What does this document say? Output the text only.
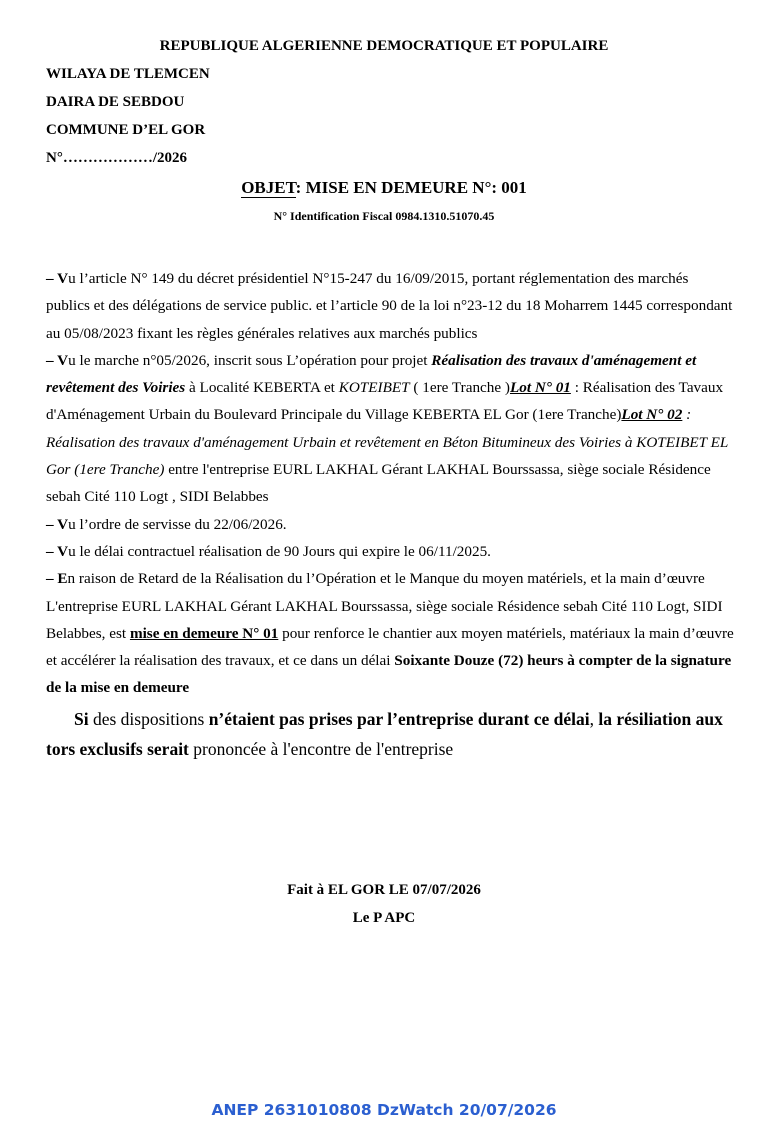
REPUBLIQUE ALGERIENNE DEMOCRATIQUE ET POPULAIRE
WILAYA DE TLEMCEN
DAIRA DE SEBDOU
COMMUNE D’EL GOR
N°………………/2026
OBJET: MISE EN DEMEURE N°: 001
N° Identification Fiscal 0984.1310.51070.45

– Vu l’article N° 149 du décret présidentiel N°15-247 du 16/09/2015, portant réglementation des marchés publics et des délégations de service public. et l’article 90 de la loi n°23-12 du 18 Moharrem 1445 correspondant au 05/08/2023 fixant les règles générales relatives aux marchés publics

– Vu le marche n°05/2026, inscrit sous L’opération pour projet Réalisation des travaux d'aménagement et revêtement des Voiries à Localité KEBERTA et KOTEIBET ( 1ere Tranche )Lot N° 01 : Réalisation des Tavaux d'Aménagement Urbain du Boulevard Principale du Village KEBERTA EL Gor (1ere Tranche)Lot N° 02 : Réalisation des travaux d'aménagement Urbain et revêtement en Béton Bitumineux des Voiries à KOTEIBET EL Gor (1ere Tranche) entre l'entreprise EURL LAKHAL Gérant LAKHAL Bourssassa, siège sociale Résidence sebah Cité 110 Logt , SIDI Belabbes

– Vu l’ordre de servisse du 22/06/2026.

– Vu le délai contractuel réalisation de 90 Jours qui expire le 06/11/2025.

– En raison de Retard de la Réalisation du l’Opération et le Manque du moyen matériels, et la main d’œuvre

L'entreprise EURL LAKHAL Gérant LAKHAL Bourssassa, siège sociale Résidence sebah Cité 110 Logt, SIDI Belabbes, est mise en demeure N° 01 pour renforce le chantier aux moyen matériels, matériaux la main d’œuvre et accélérer la réalisation des travaux, et ce dans un délai Soixante Douze (72) heurs à compter de la signature de la mise en demeure

Si des dispositions n’étaient pas prises par l’entreprise durant ce délai, la résiliation aux tors exclusifs serait prononcée à l'encontre de l'entreprise

Fait à EL GOR LE 07/07/2026
Le P APC
ANEP 2631010808 DzWatch 20/07/2026
